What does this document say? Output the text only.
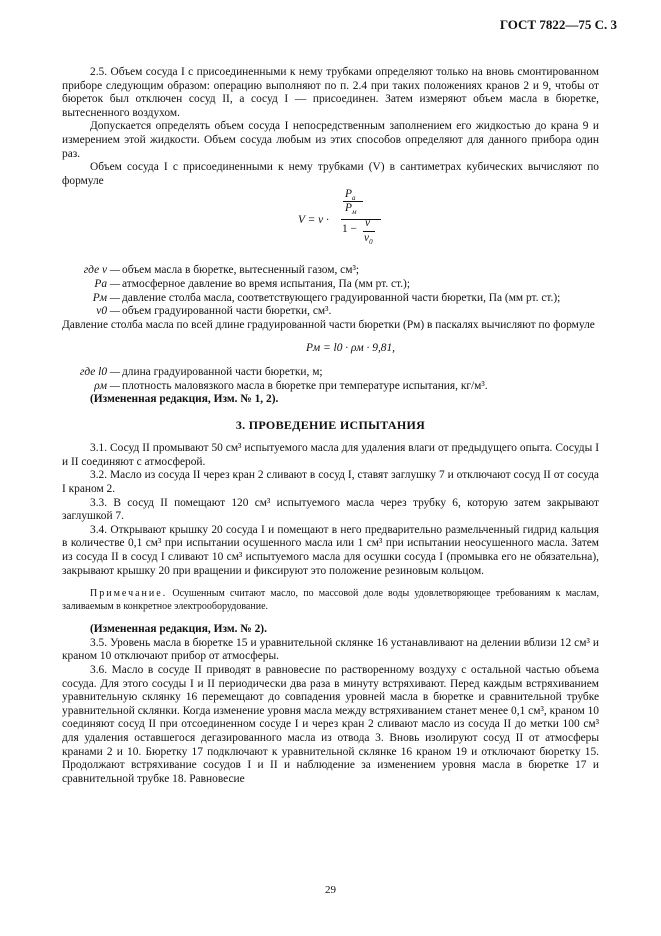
ГОСТ 7822—75 С. 3

2.5. Объем сосуда I с присоединенными к нему трубками определяют только на вновь смонтированном приборе следующим образом: операцию выполняют по п. 2.4 при таких положениях кранов 2 и 9, чтобы от бюреток был отключен сосуд II, а сосуд I — присоединен. Затем измеряют объем масла в бюретке, вытесненного воздухом.

Допускается определять объем сосуда I непосредственным заполнением его жидкостью до крана 9 и измерением этой жидкости. Объем сосуда любым из этих способов определяют для данного прибора один раз.

Объем сосуда I с присоединенными к нему трубками (V) в сантиметрах кубических вычисляют по формуле

V = v ·
$P_a$
$P_м$
1 − v
$v_0$
где v — объем масла в бюретке, вытесненный газом, см³;
Pa — атмосферное давление во время испытания, Па (мм рт. ст.);
Pм — давление столба масла, соответствующего градуированной части бюретки, Па (мм рт. ст.);
v0 — объем градуированной части бюретки, см³.

Давление столба масла по всей длине градуированной части бюретки (Pм) в паскалях вычисляют по формуле

Pм = l0 · ρм · 9,81,
где l0 — длина градуированной части бюретки, м;
ρм — плотность маловязкого масла в бюретке при температуре испытания, кг/м³.

(Измененная редакция, Изм. № 1, 2).

3. ПРОВЕДЕНИЕ ИСПЫТАНИЯ

3.1. Сосуд II промывают 50 см³ испытуемого масла для удаления влаги от предыдущего опыта. Сосуды I и II соединяют с атмосферой.

3.2. Масло из сосуда II через кран 2 сливают в сосуд I, ставят заглушку 7 и отключают сосуд II от сосуда I краном 2.

3.3. В сосуд II помещают 120 см³ испытуемого масла через трубку 6, которую затем закрывают заглушкой 7.

3.4. Открывают крышку 20 сосуда I и помещают в него предварительно размельченный гидрид кальция в количестве 0,1 см³ при испытании осушенного масла или 1 см³ при испытании неосушенного масла. Затем из сосуда II в сосуд I сливают 10 см³ испытуемого масла для осушки сосуда I (промывка его не обязательна), закрывают крышку 20 при вращении и фиксируют это положение резиновым кольцом.

Примечание. Осушенным считают масло, по массовой доле воды удовлетворяющее требованиям к маслам, заливаемым в конкретное электрооборудование.

(Измененная редакция, Изм. № 2).

3.5. Уровень масла в бюретке 15 и уравнительной склянке 16 устанавливают на делении вблизи 12 см³ и краном 10 отключают прибор от атмосферы.

3.6. Масло в сосуде II приводят в равновесие по растворенному воздуху с остальной частью объема сосуда. Для этого сосуды I и II периодически два раза в минуту встряхивают. Перед каждым встряхиванием уравнительную склянку 16 перемещают до совпадения уровней масла в бюретке и сравнительной трубке уравнительной склянки. Когда изменение уровня масла между встряхиванием станет менее 0,1 см³, краном 10 соединяют сосуд II при отсоединенном сосуде I и через кран 2 сливают масло из сосуда II до метки 100 см³ для удаления оставшегося дегазированного масла из отвода 3. Вновь изолируют сосуд II от атмосферы кранами 2 и 10. Бюретку 17 подключают к уравнительной склянке 16 краном 19 и отключают бюретку 15. Продолжают встряхивание сосудов I и II и наблюдение за изменением уровня масла в бюретке 17 и сравнительной трубке 18. Равновесие

29
